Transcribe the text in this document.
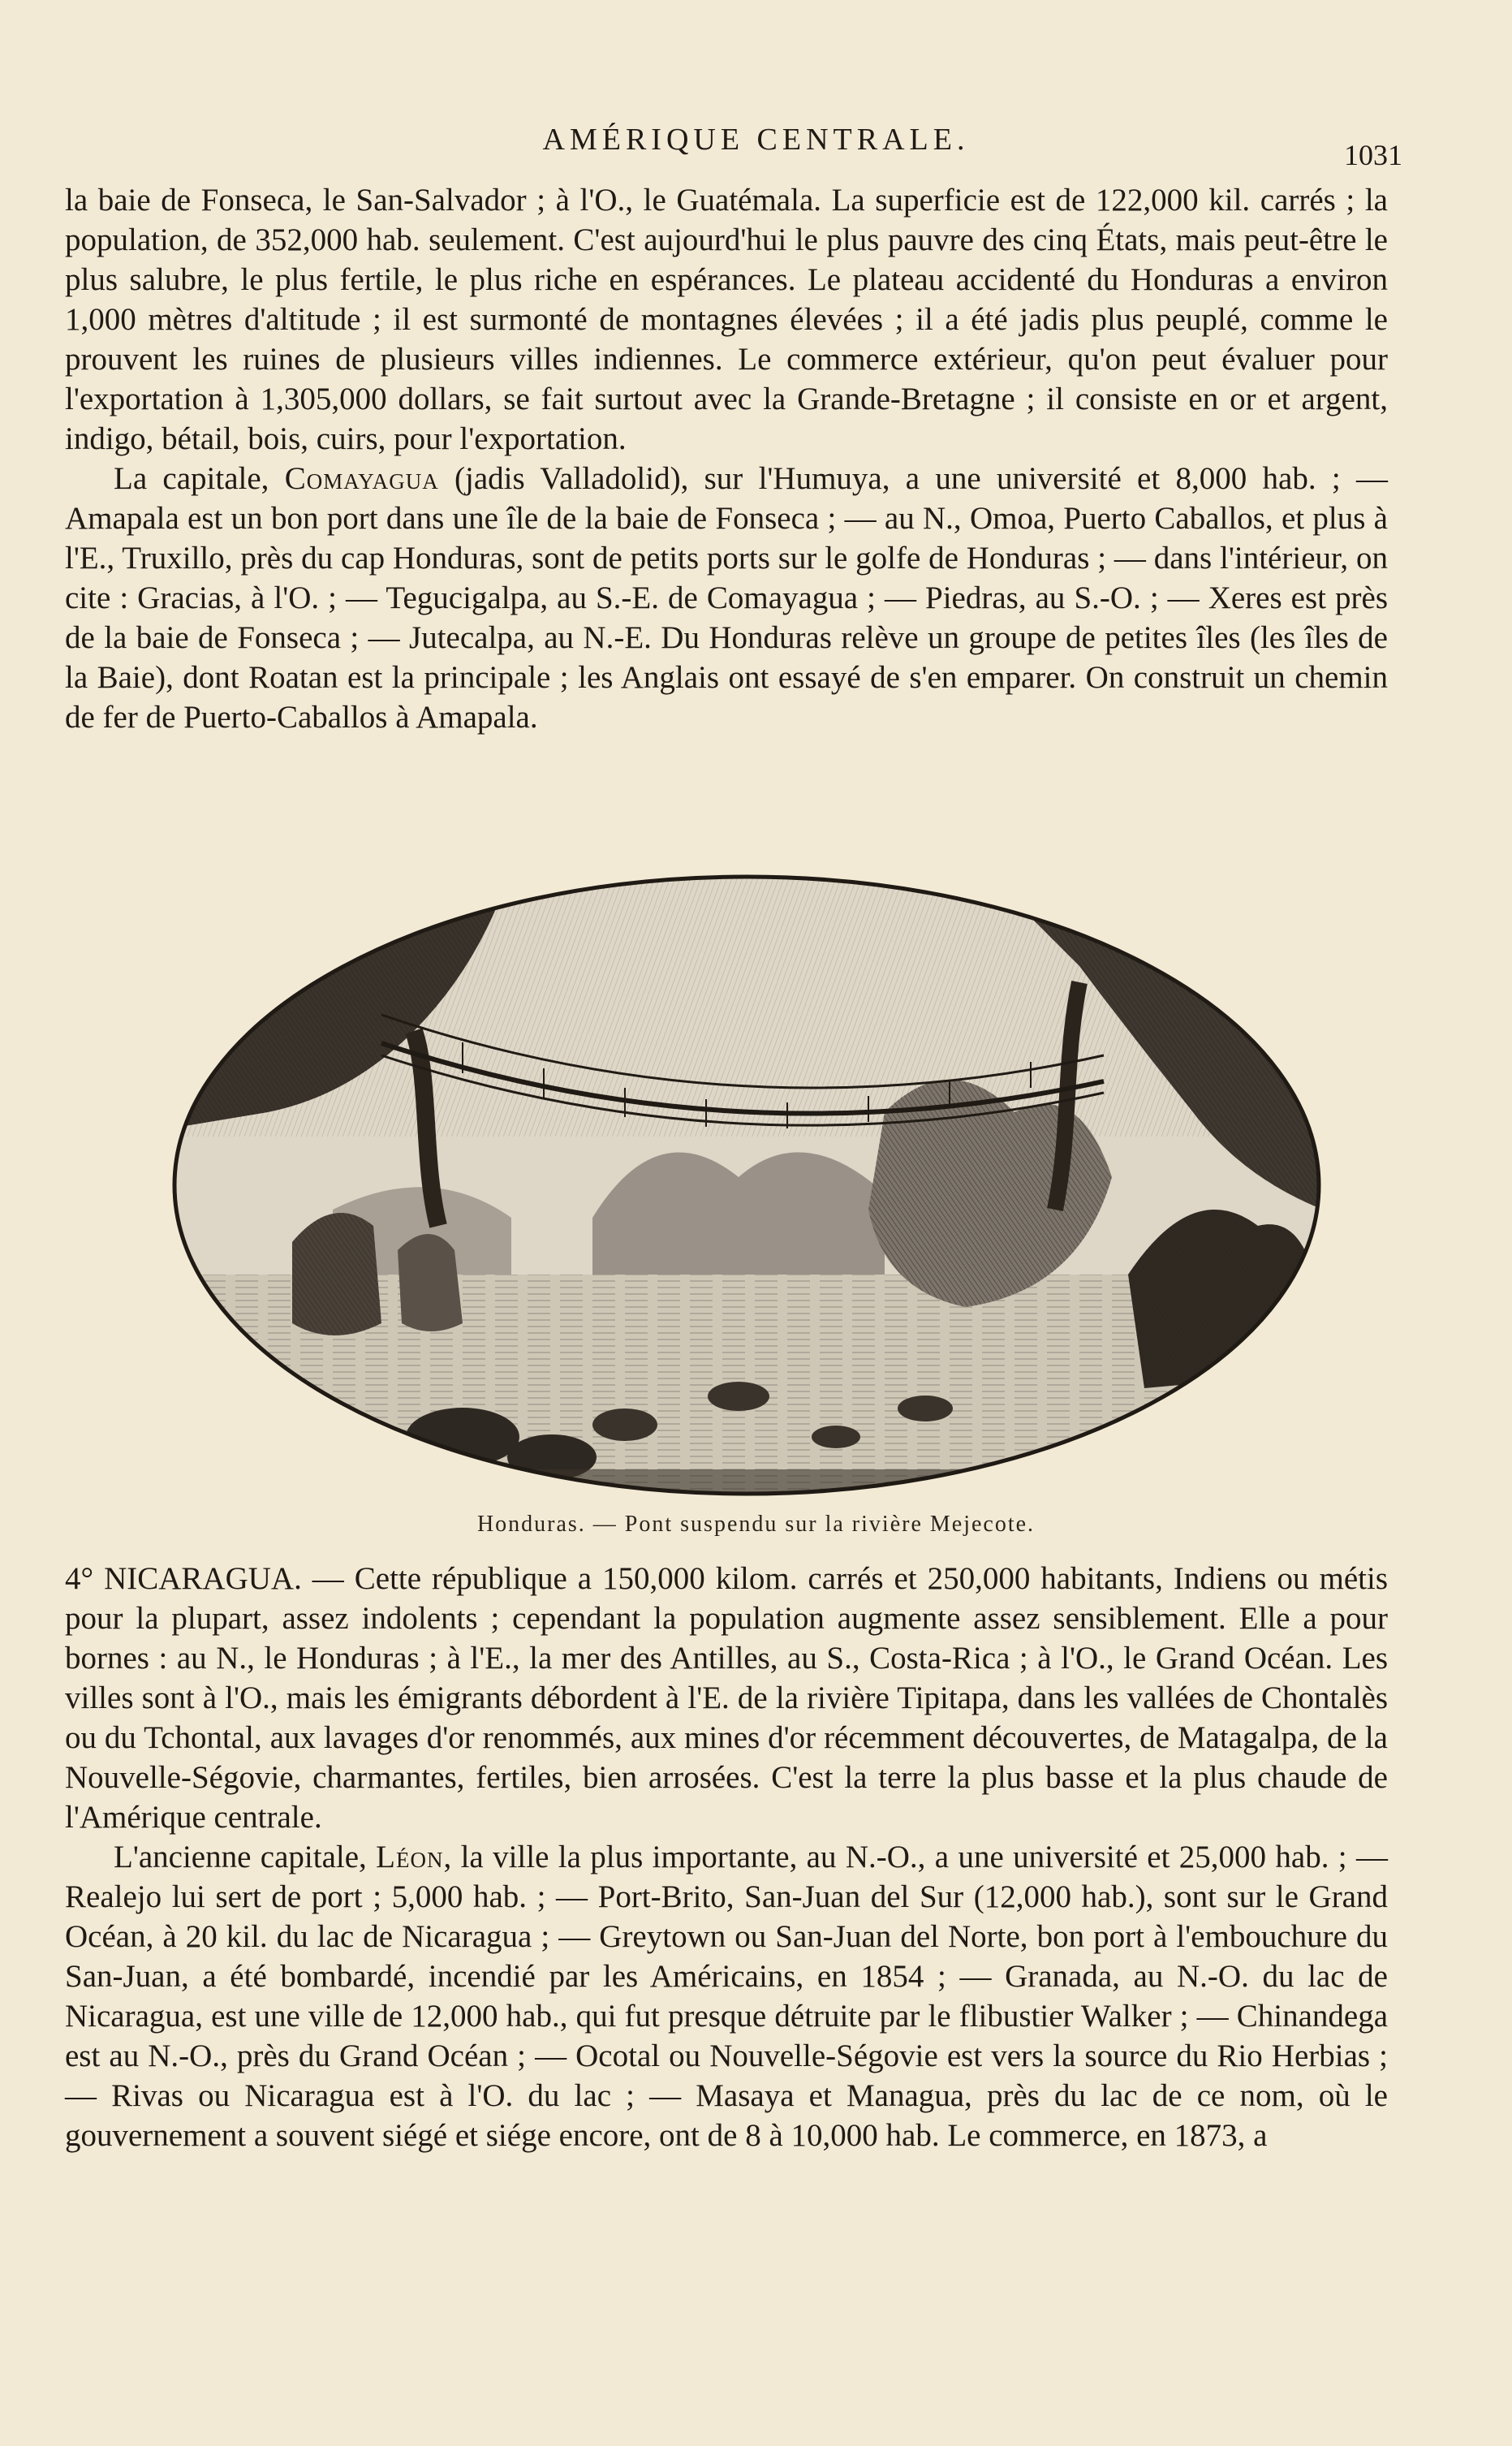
AMÉRIQUE CENTRALE.	1031

la baie de Fonseca, le San-Salvador ; à l'O., le Guatémala. La superficie est de 122,000 kil. carrés ; la population, de 352,000 hab. seulement. C'est aujourd'hui le plus pauvre des cinq États, mais peut-être le plus salubre, le plus fertile, le plus riche en espérances. Le plateau accidenté du Honduras a environ 1,000 mètres d'altitude ; il est surmonté de montagnes élevées ; il a été jadis plus peuplé, comme le prouvent les ruines de plusieurs villes indiennes. Le commerce extérieur, qu'on peut évaluer pour l'exportation à 1,305,000 dollars, se fait surtout avec la Grande-Bretagne ; il consiste en or et argent, indigo, bétail, bois, cuirs, pour l'exportation.

La capitale, Comayagua (jadis Valladolid), sur l'Humuya, a une université et 8,000 hab. ; — Amapala est un bon port dans une île de la baie de Fonseca ; — au N., Omoa, Puerto Caballos, et plus à l'E., Truxillo, près du cap Honduras, sont de petits ports sur le golfe de Honduras ; — dans l'intérieur, on cite : Gracias, à l'O. ; — Tegucigalpa, au S.-E. de Comayagua ; — Piedras, au S.-O. ; — Xeres est près de la baie de Fonseca ; — Jutecalpa, au N.-E. Du Honduras relève un groupe de petites îles (les îles de la Baie), dont Roatan est la principale ; les Anglais ont essayé de s'en emparer. On construit un chemin de fer de Puerto-Caballos à Amapala.

Honduras. — Pont suspendu sur la rivière Mejecote.

4° NICARAGUA. — Cette république a 150,000 kilom. carrés et 250,000 habitants, Indiens ou métis pour la plupart, assez indolents ; cependant la population augmente assez sensiblement. Elle a pour bornes : au N., le Honduras ; à l'E., la mer des Antilles, au S., Costa-Rica ; à l'O., le Grand Océan. Les villes sont à l'O., mais les émigrants débordent à l'E. de la rivière Tipitapa, dans les vallées de Chontalès ou du Tchontal, aux lavages d'or renommés, aux mines d'or récemment découvertes, de Matagalpa, de la Nouvelle-Ségovie, charmantes, fertiles, bien arrosées. C'est la terre la plus basse et la plus chaude de l'Amérique centrale.

L'ancienne capitale, Léon, la ville la plus importante, au N.-O., a une université et 25,000 hab. ; — Realejo lui sert de port ; 5,000 hab. ; — Port-Brito, San-Juan del Sur (12,000 hab.), sont sur le Grand Océan, à 20 kil. du lac de Nicaragua ; — Greytown ou San-Juan del Norte, bon port à l'embouchure du San-Juan, a été bombardé, incendié par les Américains, en 1854 ; — Granada, au N.-O. du lac de Nicaragua, est une ville de 12,000 hab., qui fut presque détruite par le flibustier Walker ; — Chinandega est au N.-O., près du Grand Océan ; — Ocotal ou Nouvelle-Ségovie est vers la source du Rio Herbias ; — Rivas ou Nicaragua est à l'O. du lac ; — Masaya et Managua, près du lac de ce nom, où le gouvernement a souvent siégé et siége encore, ont de 8 à 10,000 hab. Le commerce, en 1873, a
